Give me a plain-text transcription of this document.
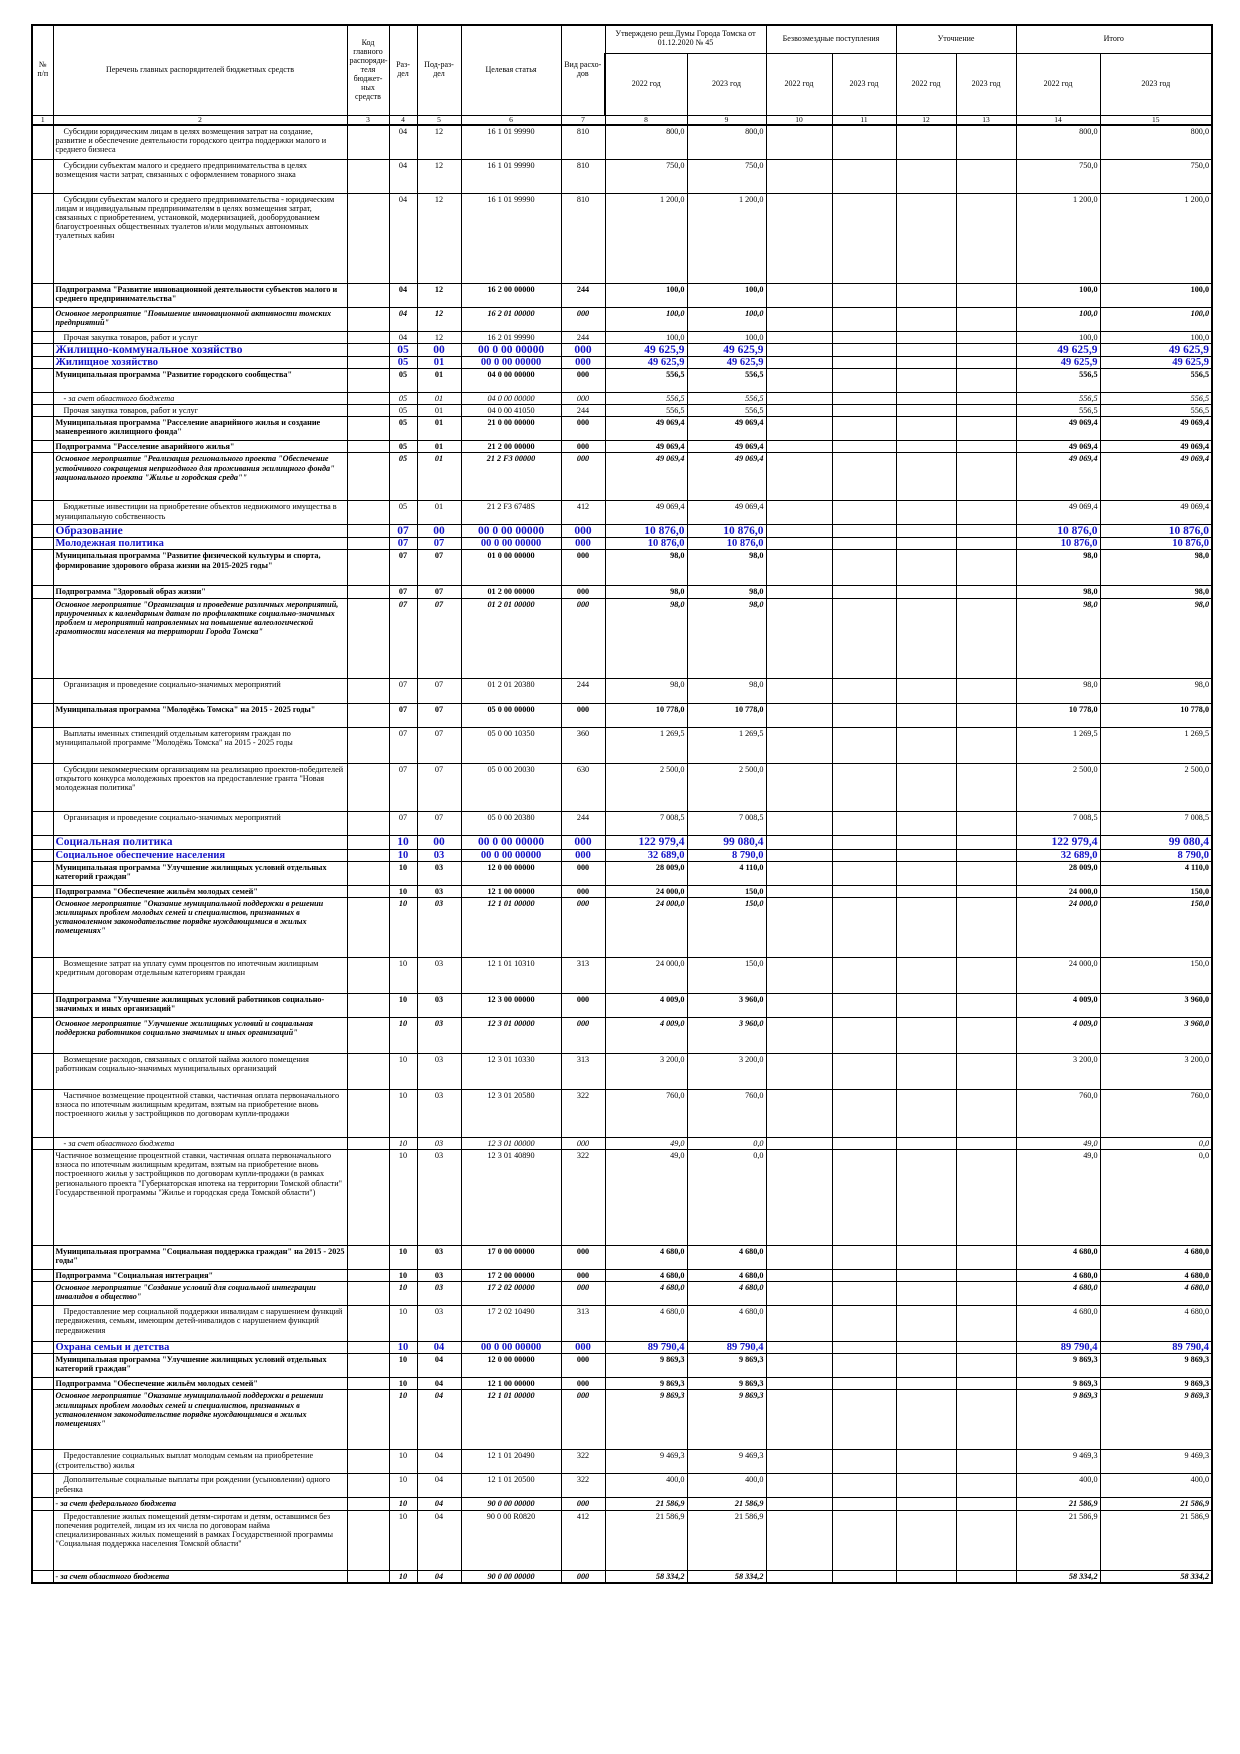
№ п/п	Перечень главных распорядителей бюджетных средств	Код главного распоряди-теля бюджет-ных средств	Раз-дел	Под-раз-дел	Целевая статья	Вид расхо-дов	Утверждено реш.Думы Города Томска от 01.12.2020 № 45		Безвозмездные поступления		Уточнение		Итого	
							2022 год	2023 год	2022 год	2023 год	2022 год	2023 год	2022 год	2023 год
1	2	3	4	5	6	7	8	9	10	11	12	13	14	15
	Субсидии юридическим лицам в целях возмещения затрат на создание, развитие и обеспечение деятельности городского центра поддержки малого и среднего бизнеса		04	12	16 1 01 99990	810	800,0	800,0					800,0	800,0
	Субсидии субъектам малого и среднего предпринимательства в целях возмещения части затрат, связанных с оформлением товарного знака		04	12	16 1 01 99990	810	750,0	750,0					750,0	750,0
	Субсидии субъектам малого и среднего предпринимательства - юридическим лицам и индивидуальным предпринимателям в целях возмещения затрат, связанных с приобретением, установкой, модернизацией, дооборудованием благоустроенных общественных туалетов и/или модульных автономных туалетных кабин		04	12	16 1 01 99990	810	1 200,0	1 200,0					1 200,0	1 200,0
	Подпрограмма "Развитие инновационной деятельности субъектов малого и среднего предпринимательства"		04	12	16 2 00 00000	244	100,0	100,0					100,0	100,0
	Основное мероприятие "Повышение инновационной активности томских предприятий"		04	12	16 2 01 00000	000	100,0	100,0					100,0	100,0
	Прочая закупка товаров, работ и услуг		04	12	16 2 01 99990	244	100,0	100,0					100,0	100,0
	Жилищно-коммунальное хозяйство		05	00	00 0 00 00000	000	49 625,9	49 625,9					49 625,9	49 625,9
	Жилищное хозяйство		05	01	00 0 00 00000	000	49 625,9	49 625,9					49 625,9	49 625,9
	Муниципальная программа "Развитие городского сообщества"		05	01	04 0 00 00000	000	556,5	556,5					556,5	556,5
	- за счет областного бюджета		05	01	04 0 00 00000	000	556,5	556,5					556,5	556,5
	Прочая закупка товаров, работ и услуг		05	01	04 0 00 41050	244	556,5	556,5					556,5	556,5
	Муниципальная программа "Расселение аварийного жилья и создание маневренного жилищного фонда"		05	01	21 0 00 00000	000	49 069,4	49 069,4					49 069,4	49 069,4
	Подпрограмма "Расселение аварийного жилья"		05	01	21 2 00 00000	000	49 069,4	49 069,4					49 069,4	49 069,4
	Основное мероприятие "Реализация регионального проекта "Обеспечение устойчивого сокращения непригодного для проживания жилищного фонда" национального проекта "Жилье и городская среда""		05	01	21 2 F3 00000	000	49 069,4	49 069,4					49 069,4	49 069,4
	Бюджетные инвестиции на приобретение объектов недвижимого имущества в муниципальную собственность		05	01	21 2 F3 6748S	412	49 069,4	49 069,4					49 069,4	49 069,4
	Образование		07	00	00 0 00 00000	000	10 876,0	10 876,0					10 876,0	10 876,0
	Молодежная политика		07	07	00 0 00 00000	000	10 876,0	10 876,0					10 876,0	10 876,0
	Муниципальная программа "Развитие физической культуры и спорта, формирование здорового образа жизни на 2015-2025 годы"		07	07	01 0 00 00000	000	98,0	98,0					98,0	98,0
	Подпрограмма "Здоровый образ жизни"		07	07	01 2 00 00000	000	98,0	98,0					98,0	98,0
	Основное мероприятие "Организация и проведение различных мероприятий, приуроченных к календарным датам по профилактике социально-значимых проблем и мероприятий направленных на повышение валеологической грамотности населения на территории Города Томска"		07	07	01 2 01 00000	000	98,0	98,0					98,0	98,0
	Организация и проведение социально-значимых мероприятий		07	07	01 2 01 20380	244	98,0	98,0					98,0	98,0
	Муниципальная программа "Молодёжь Томска" на 2015 - 2025 годы"		07	07	05 0 00 00000	000	10 778,0	10 778,0					10 778,0	10 778,0
	Выплаты именных стипендий отдельным категориям граждан по муниципальной программе "Молодёжь Томска" на 2015 - 2025 годы		07	07	05 0 00 10350	360	1 269,5	1 269,5					1 269,5	1 269,5
	Субсидии некоммерческим организациям на реализацию проектов-победителей открытого конкурса молодежных проектов на предоставление гранта "Новая молодежная политика"		07	07	05 0 00 20030	630	2 500,0	2 500,0					2 500,0	2 500,0
	Организация и проведение социально-значимых мероприятий		07	07	05 0 00 20380	244	7 008,5	7 008,5					7 008,5	7 008,5
	Социальная политика		10	00	00 0 00 00000	000	122 979,4	99 080,4					122 979,4	99 080,4
	Социальное обеспечение населения		10	03	00 0 00 00000	000	32 689,0	8 790,0					32 689,0	8 790,0
	Муниципальная программа "Улучшение жилищных условий отдельных категорий граждан"		10	03	12 0 00 00000	000	28 009,0	4 110,0					28 009,0	4 110,0
	Подпрограмма "Обеспечение жильём молодых семей"		10	03	12 1 00 00000	000	24 000,0	150,0					24 000,0	150,0
	Основное мероприятие "Оказание муниципальной поддержки в решении жилищных проблем молодых семей и специалистов, признанных в установленном законодательстве порядке нуждающимися в жилых помещениях"		10	03	12 1 01 00000	000	24 000,0	150,0					24 000,0	150,0
	Возмещение затрат на уплату сумм процентов по ипотечным жилищным кредитным договорам отдельным категориям граждан		10	03	12 1 01 10310	313	24 000,0	150,0					24 000,0	150,0
	Подпрограмма "Улучшение жилищных условий работников социально-значимых и иных организаций"		10	03	12 3 00 00000	000	4 009,0	3 960,0					4 009,0	3 960,0
	Основное мероприятие "Улучшение жилищных условий и социальная поддержка работников социально значимых и иных организаций"		10	03	12 3 01 00000	000	4 009,0	3 960,0					4 009,0	3 960,0
	Возмещение расходов, связанных с оплатой найма жилого помещения работникам социально-значимых муниципальных организаций		10	03	12 3 01 10330	313	3 200,0	3 200,0					3 200,0	3 200,0
	Частичное возмещение процентной ставки, частичная оплата первоначального взноса по ипотечным жилищным кредитам, взятым на приобретение вновь построенного жилья у застройщиков по договорам купли-продажи		10	03	12 3 01 20580	322	760,0	760,0					760,0	760,0
	- за счет областного бюджета		10	03	12 3 01 00000	000	49,0	0,0					49,0	0,0
	Частичное возмещение процентной ставки, частичная оплата первоначального взноса по ипотечным жилищным кредитам, взятым на приобретение вновь построенного жилья у застройщиков по договорам купли-продажи (в рамках регионального проекта "Губернаторская ипотека на территории Томской области" Государственной программы "Жилье и городская среда Томской области")		10	03	12 3 01 40890	322	49,0	0,0					49,0	0,0
	Муниципальная программа "Социальная поддержка граждан" на 2015 - 2025 годы"		10	03	17 0 00 00000	000	4 680,0	4 680,0					4 680,0	4 680,0
	Подпрограмма "Социальная интеграция"		10	03	17 2 00 00000	000	4 680,0	4 680,0					4 680,0	4 680,0
	Основное мероприятие "Создание условий для социальной интеграции инвалидов в общество"		10	03	17 2 02 00000	000	4 680,0	4 680,0					4 680,0	4 680,0
	Предоставление мер социальной поддержки инвалидам с нарушением функций передвижения, семьям, имеющим детей-инвалидов с нарушением функций передвижения		10	03	17 2 02 10490	313	4 680,0	4 680,0					4 680,0	4 680,0
	Охрана семьи и детства		10	04	00 0 00 00000	000	89 790,4	89 790,4					89 790,4	89 790,4
	Муниципальная программа "Улучшение жилищных условий отдельных категорий граждан"		10	04	12 0 00 00000	000	9 869,3	9 869,3					9 869,3	9 869,3
	Подпрограмма "Обеспечение жильём молодых семей"		10	04	12 1 00 00000	000	9 869,3	9 869,3					9 869,3	9 869,3
	Основное мероприятие "Оказание муниципальной поддержки в решении жилищных проблем молодых семей и специалистов, признанных в установленном законодательстве порядке нуждающимися в жилых помещениях"		10	04	12 1 01 00000	000	9 869,3	9 869,3					9 869,3	9 869,3
	Предоставление социальных выплат молодым семьям на приобретение (строительство) жилья		10	04	12 1 01 20490	322	9 469,3	9 469,3					9 469,3	9 469,3
	Дополнительные социальные выплаты при рождении (усыновлении) одного ребенка		10	04	12 1 01 20500	322	400,0	400,0					400,0	400,0
	- за счет федерального бюджета		10	04	90 0 00 00000	000	21 586,9	21 586,9					21 586,9	21 586,9
	Предоставление жилых помещений детям-сиротам и детям, оставшимся без попечения родителей, лицам из их числа по договорам найма специализированных жилых помещений в рамках Государственной программы "Социальная поддержка населения Томской области"		10	04	90 0 00 R0820	412	21 586,9	21 586,9					21 586,9	21 586,9
	- за счет областного бюджета		10	04	90 0 00 00000	000	58 334,2	58 334,2					58 334,2	58 334,2
